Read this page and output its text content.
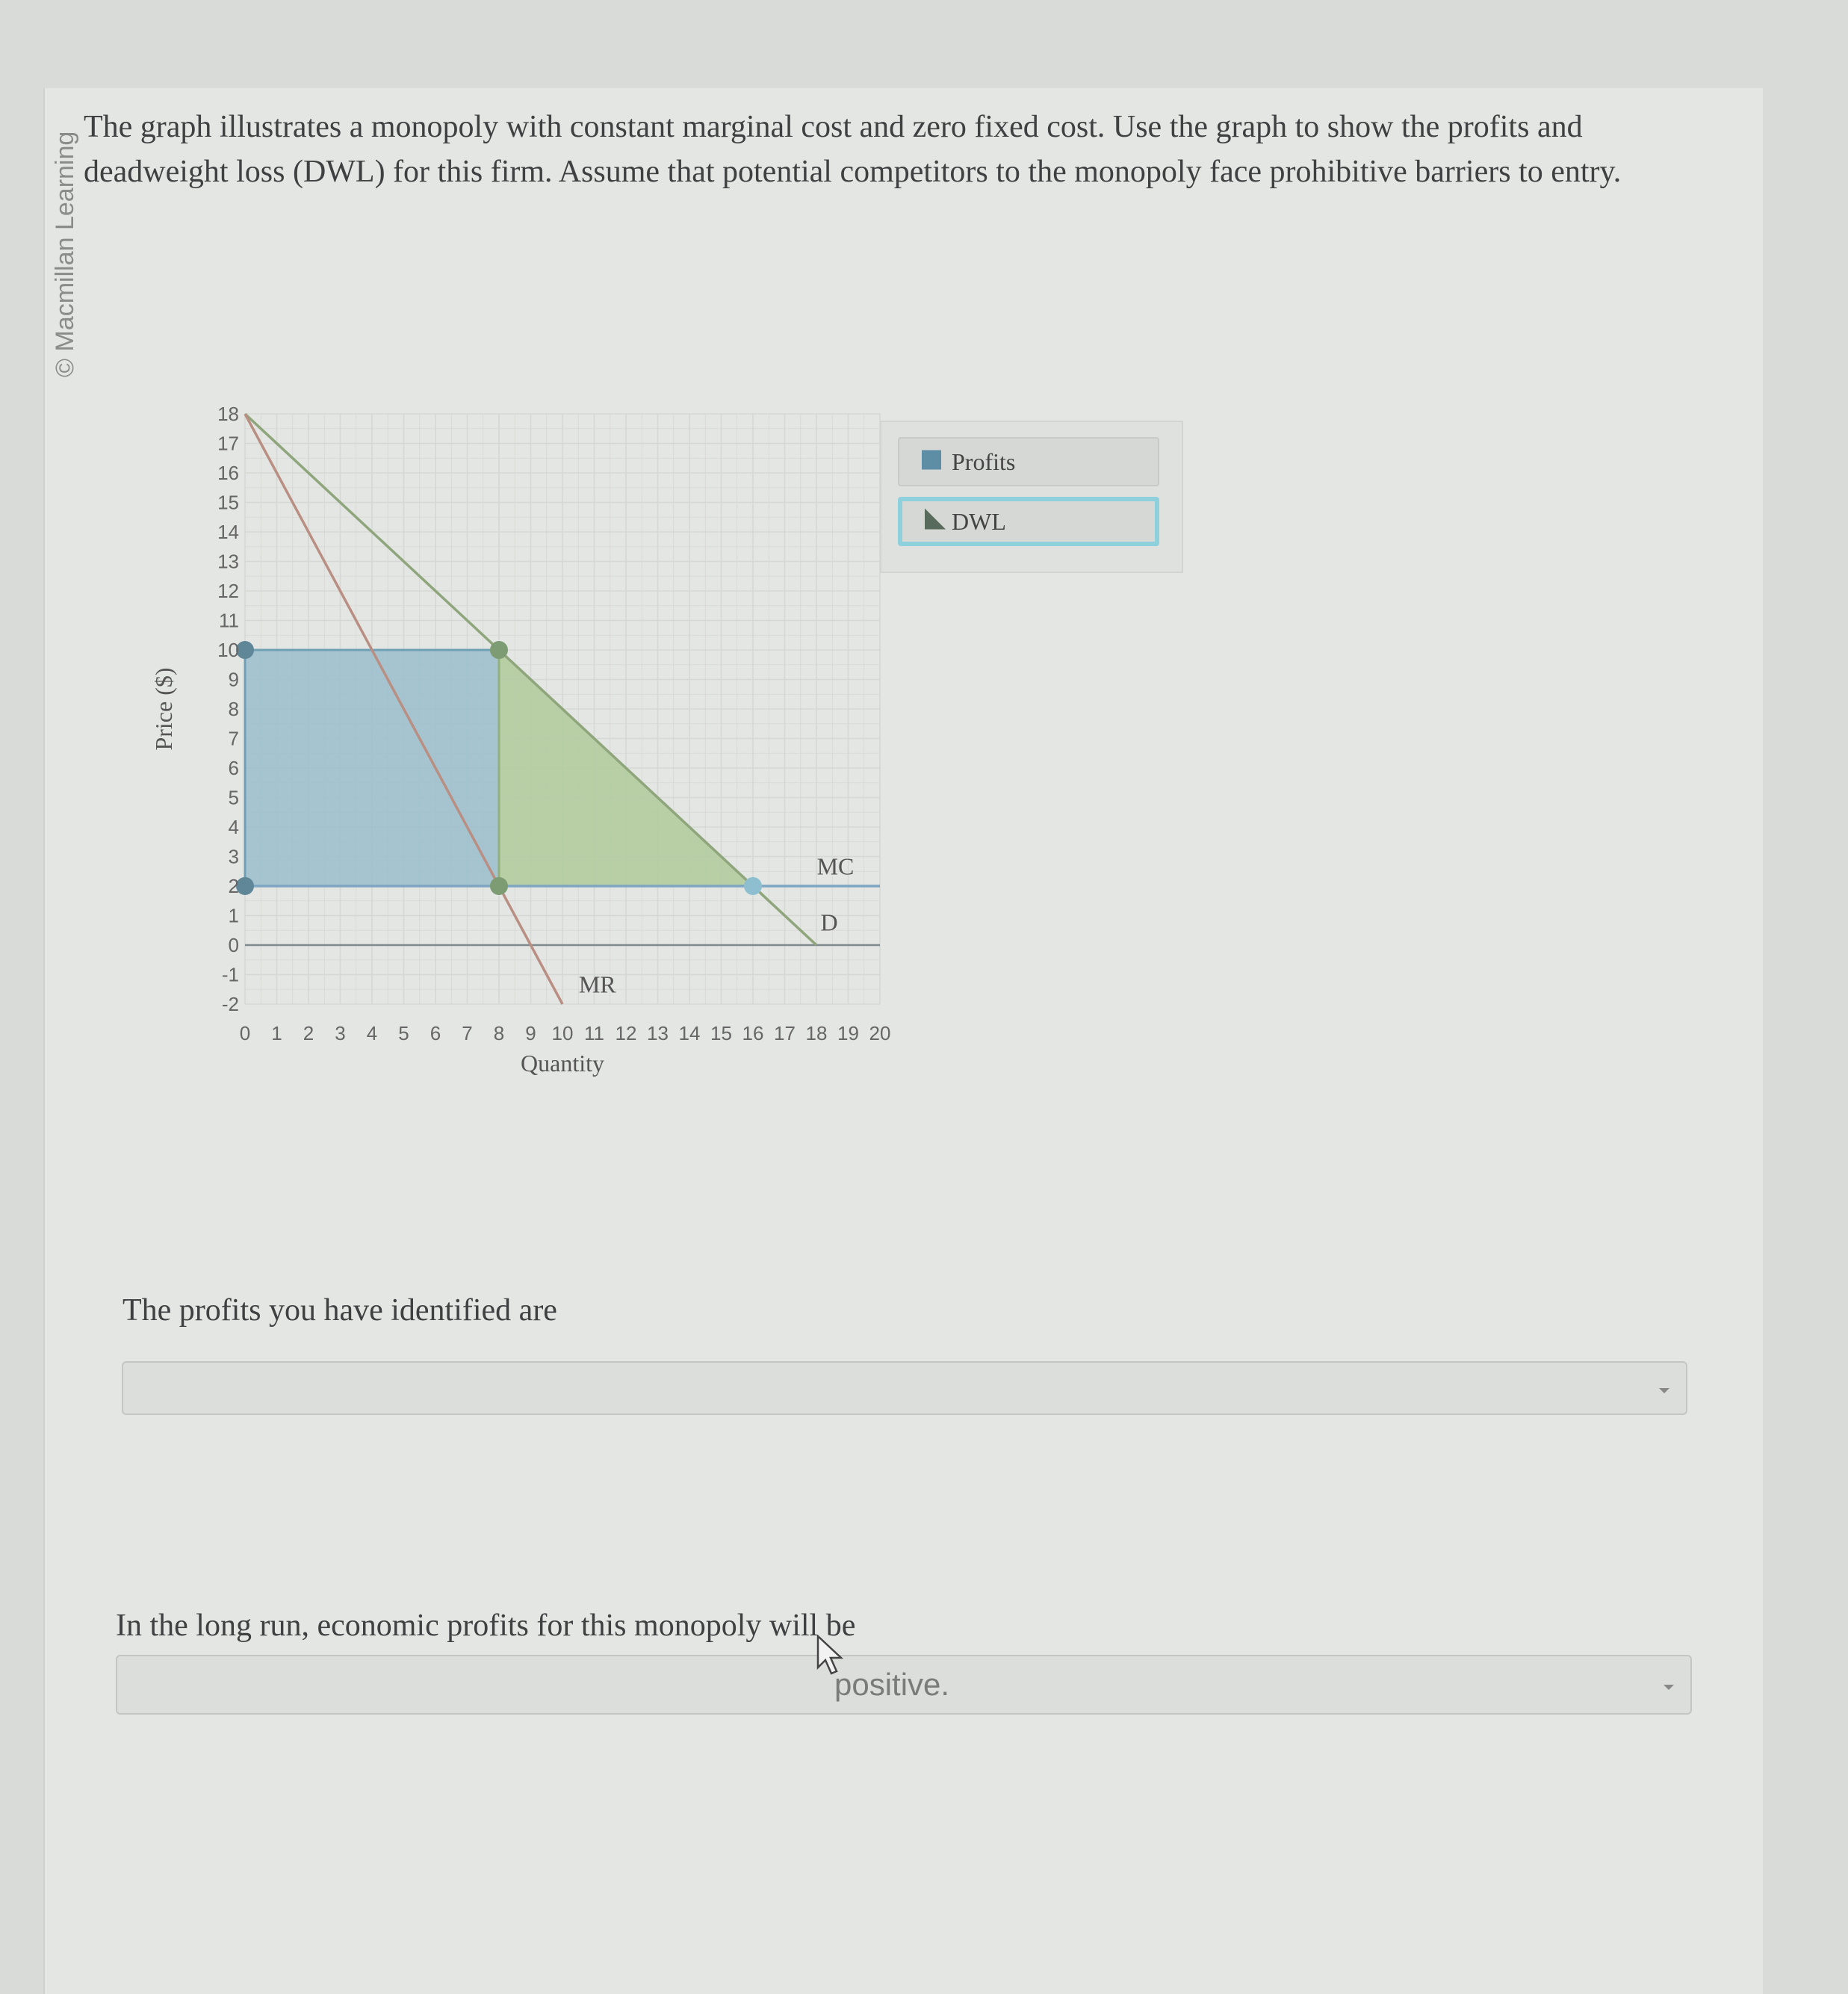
© Macmillan Learning
The graph illustrates a monopoly with constant marginal cost and zero fixed cost. Use the graph to show the profits and deadweight loss (DWL) for this firm. Assume that potential competitors to the monopoly face prohibitive barriers to entry.
D
MR
MC
0 1 2 3 4 5 6 7 8 9 10 11 12 13 14 15 16 17 18 19 20
18
17
16
15
14
13
12
11
10
9
8
7
6
5
4
3
2
1
0
-1
-2
Quantity
Price ($)
Profits
DWL
The profits you have identified are
In the long run, economic profits for this monopoly will be
positive.
